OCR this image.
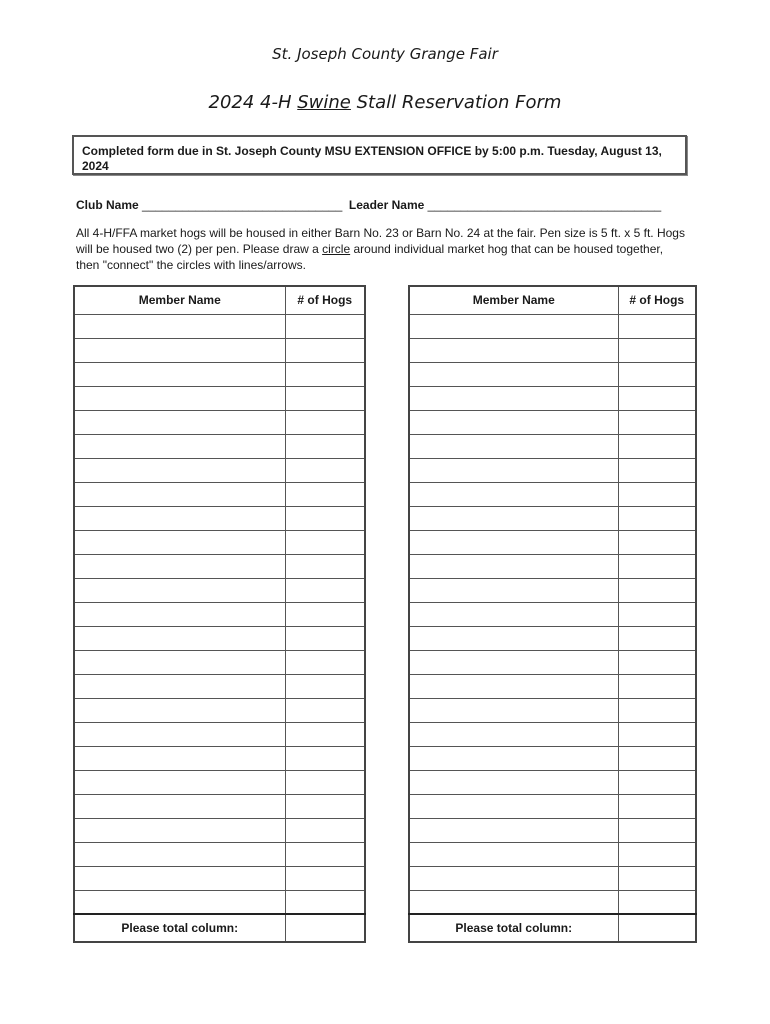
St. Joseph County Grange Fair
2024 4-H Swine Stall Reservation Form
Completed form due in St. Joseph County MSU EXTENSION OFFICE by 5:00 p.m. Tuesday, August 13, 2024
Club Name ______________________________  Leader Name ___________________________________
All 4-H/FFA market hogs will be housed in either Barn No. 23 or Barn No. 24 at the fair. Pen size is 5 ft. x 5 ft. Hogs will be housed two (2) per pen. Please draw a circle around individual market hog that can be housed together, then "connect" the circles with lines/arrows.
Member Name	# of Hogs

Please total column:	
Member Name	# of Hogs

Please total column:	
